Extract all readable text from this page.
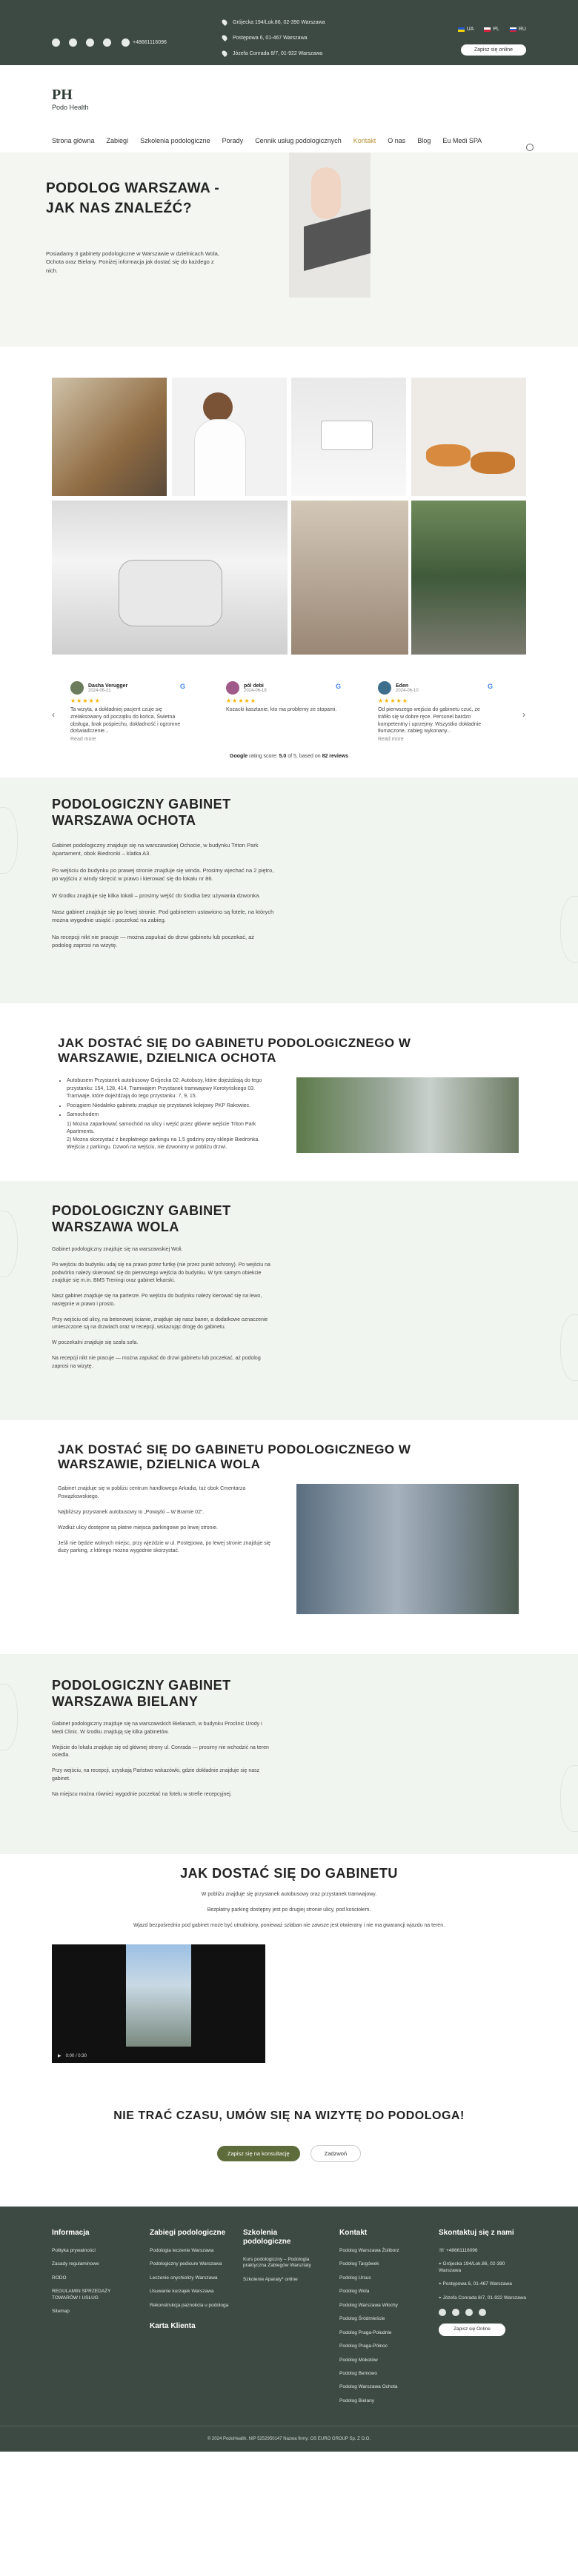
+48661116096
Grójecka 194/Lok.86, 02-390 Warszawa
Postępowa 6, 01-467 Warszawa
Józefa Conrada 8/7, 01-922 Warszawa
UA	PL	RU
Zapisz się online
PH
Podo Health
Strona główna Zabiegi Szkolenia podologiczne Porady Cennik usług podologicznych Kontakt O nas Blog Eu Medi SPA
PODOLOG WARSZAWA -
JAK NAS ZNALEŹĆ?

Posiadamy 3 gabinety podologiczne w Warszawie w dzielnicach Wola, Ochota oraz Bielany. Poniżej informacja jak dostać się do każdego z nich.

‹	›
Dasha Verugger
2024-06-21
G
★★★★★
Ta wizyta, a dokładniej pacjent czuje się zrelaksowany od początku do końca. Świetna obsługa, brak pośpiechu, dokładność i ogromne doświadczenie...
Read more
pól debi
2024-06-18
G
★★★★★
Kozacki kasztanie, kto ma problemy ze stopami.
Eden
2024-06-10
G
★★★★★
Od pierwszego wejścia do gabinetu czuć, że trafiło się w dobre ręce. Personel bardzo kompetentny i uprzejmy. Wszystko dokładnie tłumaczone, zabieg wykonany...
Read more
Google rating score: 5.0 of 5, based on 82 reviews
PODOLOGICZNY GABINET
WARSZAWA OCHOTA

Gabinet podologiczny znajduje się na warszawskiej Ochocie, w budynku Triton Park Apartament, obok Biedronki – klatka A3.

Po wejściu do budynku po prawej stronie znajduje się winda. Prosimy wjechać na 2 piętro, po wyjściu z windy skręcić w prawo i kierować się do lokalu nr 86.

W środku znajduje się kilka lokali – prosimy wejść do środka bez używania dzwonka.

Nasz gabinet znajduje się po lewej stronie. Pod gabinetem ustawiono są fotele, na których można wygodnie usiąść i poczekać na zabieg.

Na recepcji nikt nie pracuje — można zapukać do drzwi gabinetu lub poczekać, aż podolog zaprosi na wizytę.

JAK DOSTAĆ SIĘ DO GABINETU PODOLOGICZNEGO W
WARSZAWIE, DZIELNICA OCHOTA
• Autobusem Przystanek autobusowy Grójecka 02. Autobusy, które dojeżdżają do tego przystanku: 154, 128, 414. Tramwajem Przystanek tramwajowy Korotyńskiego 03. Tramwaje, które dojeżdżają do tego przystanku: 7, 9, 15.
• Pociągiem Niedaleko gabinetu znajduje się przystanek kolejowy PKP Rakowiec.
• Samochodem

1) Można zaparkować samochód na ulicy i wejść przez główne wejście Triton Park Apartments.

2) Można skorzystać z bezpłatnego parkingu na 1,5 godziny przy sklepie Biedronka. Wejścia z parkingu. Dzwoń na wejściu, nie dzwonimy w pobliżu drzwi.

PODOLOGICZNY GABINET
WARSZAWA WOLA

Gabinet podologiczny znajduje się na warszawskiej Woli.

Po wejściu do budynku udaj się na prawo przez furtkę (nie przez punkt ochrony). Po wejściu na podwórko należy skierować się do pierwszego wejścia do budynku. W tym samym obiekcie znajduje się m.in. BMS Treningi oraz gabinet lekarski.

Nasz gabinet znajduje się na parterze. Po wejściu do budynku należy kierować się na lewo, następnie w prawo i prosto.

Przy wejściu od ulicy, na betonowej ścianie, znajduje się nasz baner, a dodatkowe oznaczenie umieszczone są na drzwiach oraz w recepcji, wskazując drogę do gabinetu.

W poczekalni znajduje się szafa sofa.

Na recepcji nikt nie pracuje — można zapukać do drzwi gabinetu lub poczekać, aż podolog zaprosi na wizytę.

JAK DOSTAĆ SIĘ DO GABINETU PODOLOGICZNEGO W
WARSZAWIE, DZIELNICA WOLA

Gabinet znajduje się w pobliżu centrum handlowego Arkadia, tuż obok Cmentarza Powązkowskiego.

Najbliższy przystanek autobusowy to „Powązki – W Bramie 02”.

Wzdłuż ulicy dostępne są płatne miejsca parkingowe po lewej stronie.

Jeśli nie będzie wolnych miejsc, przy wjeździe w ul. Postępowa, po lewej stronie znajduje się duży parking, z którego można wygodnie skorzystać.

PODOLOGICZNY GABINET
WARSZAWA BIELANY

Gabinet podologiczny znajduje się na warszawskich Bielanach, w budynku Proclinic Urody i Medi Clinic. W środku znajdują się kilka gabinetów.

Wejście do lokalu znajduje się od głównej strony ul. Conrada — prosimy nie wchodzić na teren osiedla.

Przy wejściu, na recepcji, uzyskają Państwo wskazówki, gdzie dokładnie znajduje się nasz gabinet.

Na miejscu można również wygodnie poczekać na fotelu w strefie recepcyjnej.

JAK DOSTAĆ SIĘ DO GABINETU

W pobliżu znajduje się przystanek autobusowy oraz przystanek tramwajowy.

Bezpłatny parking dostępny jest po drugiej stronie ulicy, pod kościołem.

Wjazd bezpośrednio pod gabinet może być utrudniony, ponieważ szlaban nie zawsze jest otwierany i nie ma gwarancji wjazdu na teren.

▶ 0:00 / 0:30
NIE TRAĆ CZASU, UMÓW SIĘ NA WIZYTĘ DO PODOLOGA!
Zapisz się na konsultację	Zadzwoń
Informacja
Polityka prywatności
Zasady regulaminowe
RODO
REGULAMIN SPRZEDAŻY TOWARÓW I USŁUG
Sitemap
Zabiegi podologiczne
Podologia leczenie Warszawa
Podologiczny pedicure Warszawa
Leczenie onychiolizy Warszawa
Usuwanie kurzajek Warszawa
Rekonstrukcja paznokcia u podologa
Karta Klienta
Szkolenia podologiczne
Kurs podologiczny – Podologia praktyczna Zabiegów Warsztaty
Szkolenie Aparaty* online
Kontakt
Podolog Warszawa Żoliborz
Podolog Targówek
Podolog Ursus
Podolog Wola
Podolog Warszawa Włochy
Podolog Śródmieście
Podolog Praga-Południe
Podolog Praga-Północ
Podolog Mokotów
Podolog Bemowo
Podolog Warszawa Ochota
Podolog Bielany
Skontaktuj się z nami
☏ +48661116096
⌖ Grójecka 194/Lok.86, 02-390 Warszawa
⌖ Postępowa 6, 01-467 Warszawa
⌖ Józefa Conrada 8/7, 01-922 Warszawa
Zapisz się Online
© 2024 PodoHealth. NIP 5252950147 Nazwa firmy: OS EURO GROUP Sp. Z O.O.
